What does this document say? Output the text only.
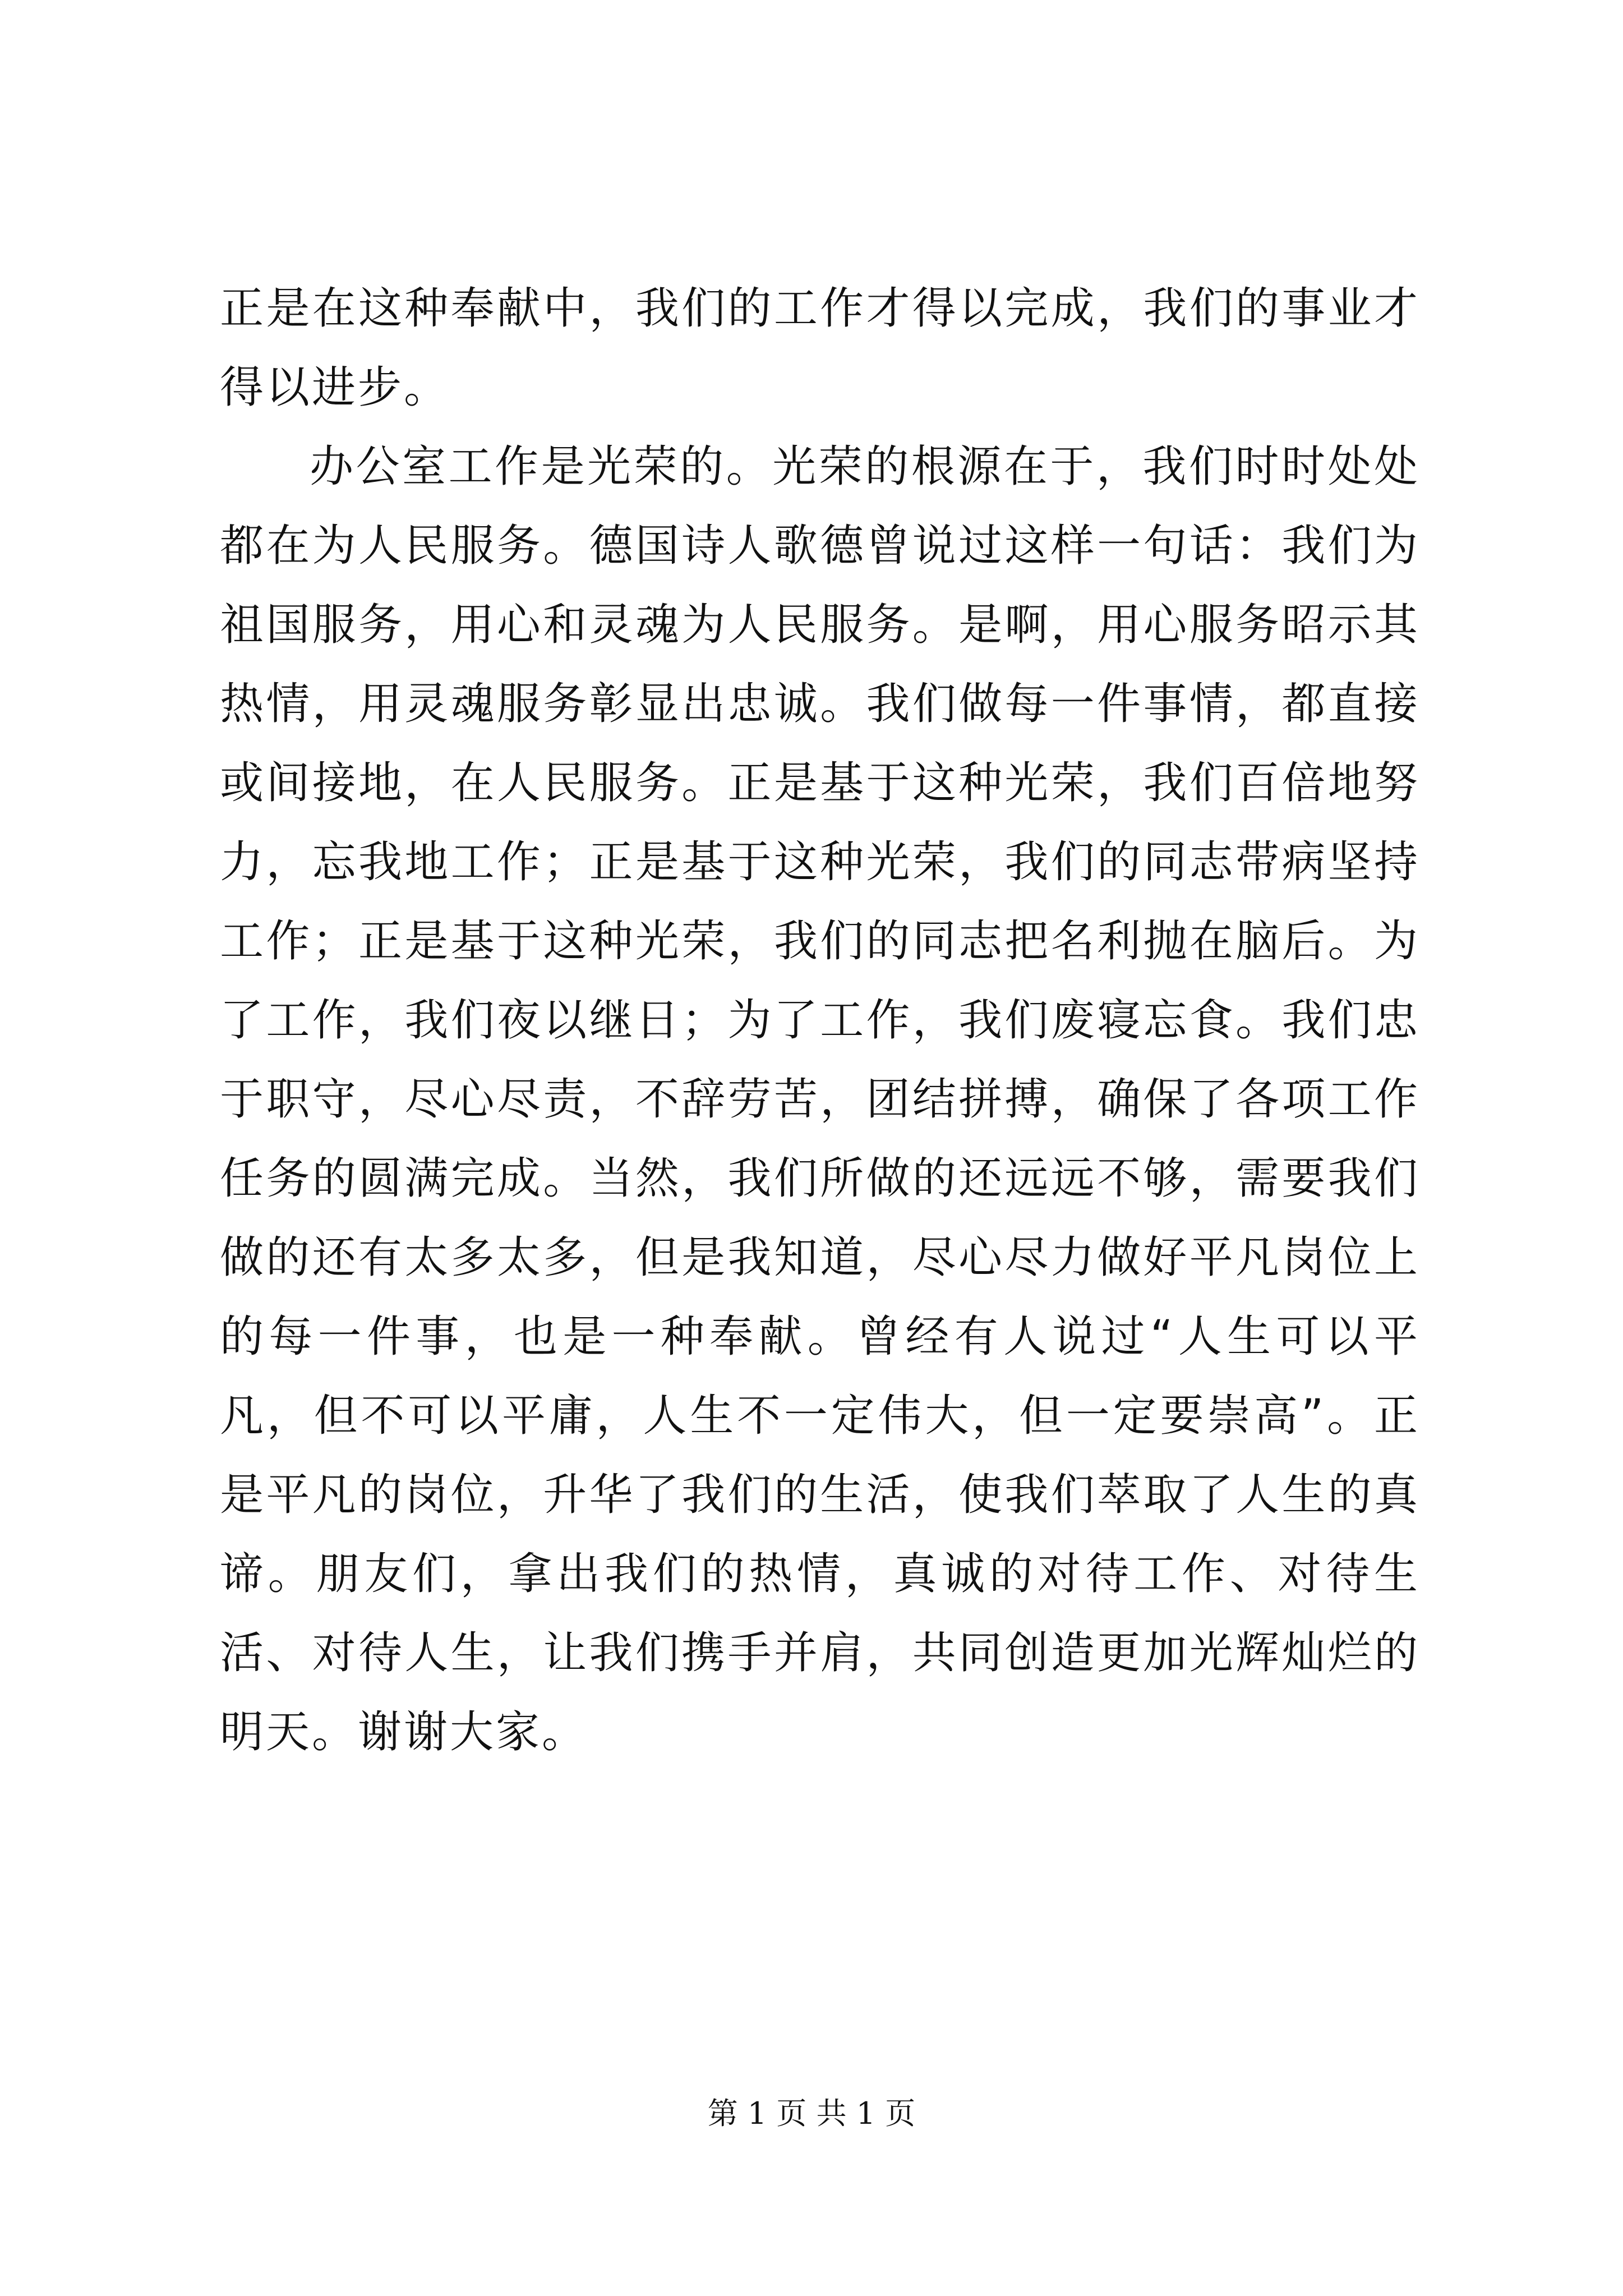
正是在这种奉献中，我们的工作才得以完成，我们的事业才得以进步。

办公室工作是光荣的。光荣的根源在于，我们时时处处都在为人民服务。德国诗人歌德曾说过这样一句话：我们为祖国服务，用心和灵魂为人民服务。是啊，用心服务昭示其热情，用灵魂服务彰显出忠诚。我们做每一件事情，都直接或间接地，在人民服务。正是基于这种光荣，我们百倍地努力，忘我地工作；正是基于这种光荣，我们的同志带病坚持工作；正是基于这种光荣，我们的同志把名利抛在脑后。为了工作，我们夜以继日；为了工作，我们废寝忘食。我们忠于职守，尽心尽责，不辞劳苦，团结拼搏，确保了各项工作任务的圆满完成。当然，我们所做的还远远不够，需要我们做的还有太多太多，但是我知道，尽心尽力做好平凡岗位上的每一件事，也是一种奉献。曾经有人说过“人生可以平凡，但不可以平庸，人生不一定伟大，但一定要崇高”。正是平凡的岗位，升华了我们的生活，使我们萃取了人生的真谛。朋友们，拿出我们的热情，真诚的对待工作、对待生活、对待人生，让我们携手并肩，共同创造更加光辉灿烂的明天。谢谢大家。

第 1 页 共 1 页
